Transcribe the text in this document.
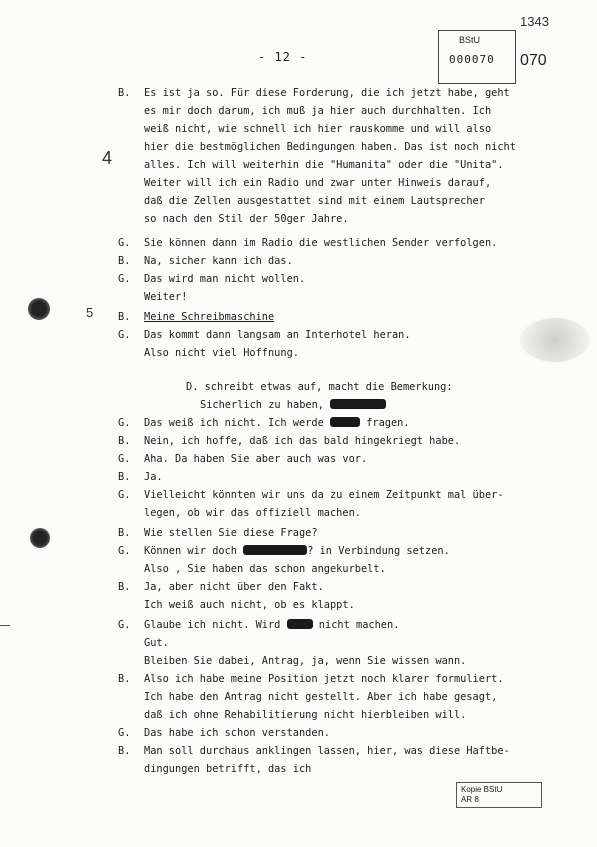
- 12 -
BStU
000070
1343
070
4
5
B. Es ist ja so. Für diese Forderung, die ich jetzt habe, geht
es mir doch darum, ich muß ja hier auch durchhalten. Ich
weiß nicht, wie schnell ich hier rauskomme und will also
hier die bestmöglichen Bedingungen haben. Das ist noch nicht
alles. Ich will weiterhin die "Humanita" oder die "Unita".
Weiter will ich ein Radio und zwar unter Hinweis darauf,
daß die Zellen ausgestattet sind mit einem Lautsprecher
so nach den Stil der 50ger Jahre.
G. Sie können dann im Radio die westlichen Sender verfolgen.
B. Na, sicher kann ich das.
G. Das wird man nicht wollen.
Weiter!
B. Meine Schreibmaschine
G. Das kommt dann langsam an Interhotel heran.
Also nicht viel Hoffnung.
D. schreibt etwas auf, macht die Bemerkung:
Sicherlich zu haben,
G. Das weiß ich nicht. Ich werde	fragen.
B. Nein, ich hoffe, daß ich das bald hingekriegt habe.
G. Aha. Da haben Sie aber auch was vor.
B. Ja.
G. Vielleicht könnten wir uns da zu einem Zeitpunkt mal über-
legen, ob wir das offiziell machen.
B. Wie stellen Sie diese Frage?
G. Können wir doch	? in Verbindung setzen.
Also , Sie haben das schon angekurbelt.
B. Ja, aber nicht über den Fakt.
Ich weiß auch nicht, ob es klappt.
G. Glaube ich nicht. Wird	nicht machen.
Gut.
Bleiben Sie dabei, Antrag, ja, wenn Sie wissen wann.
B. Also ich habe meine Position jetzt noch klarer formuliert.
Ich habe den Antrag nicht gestellt. Aber ich habe gesagt,
daß ich ohne Rehabilitierung nicht hierbleiben will.
G. Das habe ich schon verstanden.
B. Man soll durchaus anklingen lassen, hier, was diese Haftbe-
dingungen betrifft, das ich
Kopie BStU
AR 8
